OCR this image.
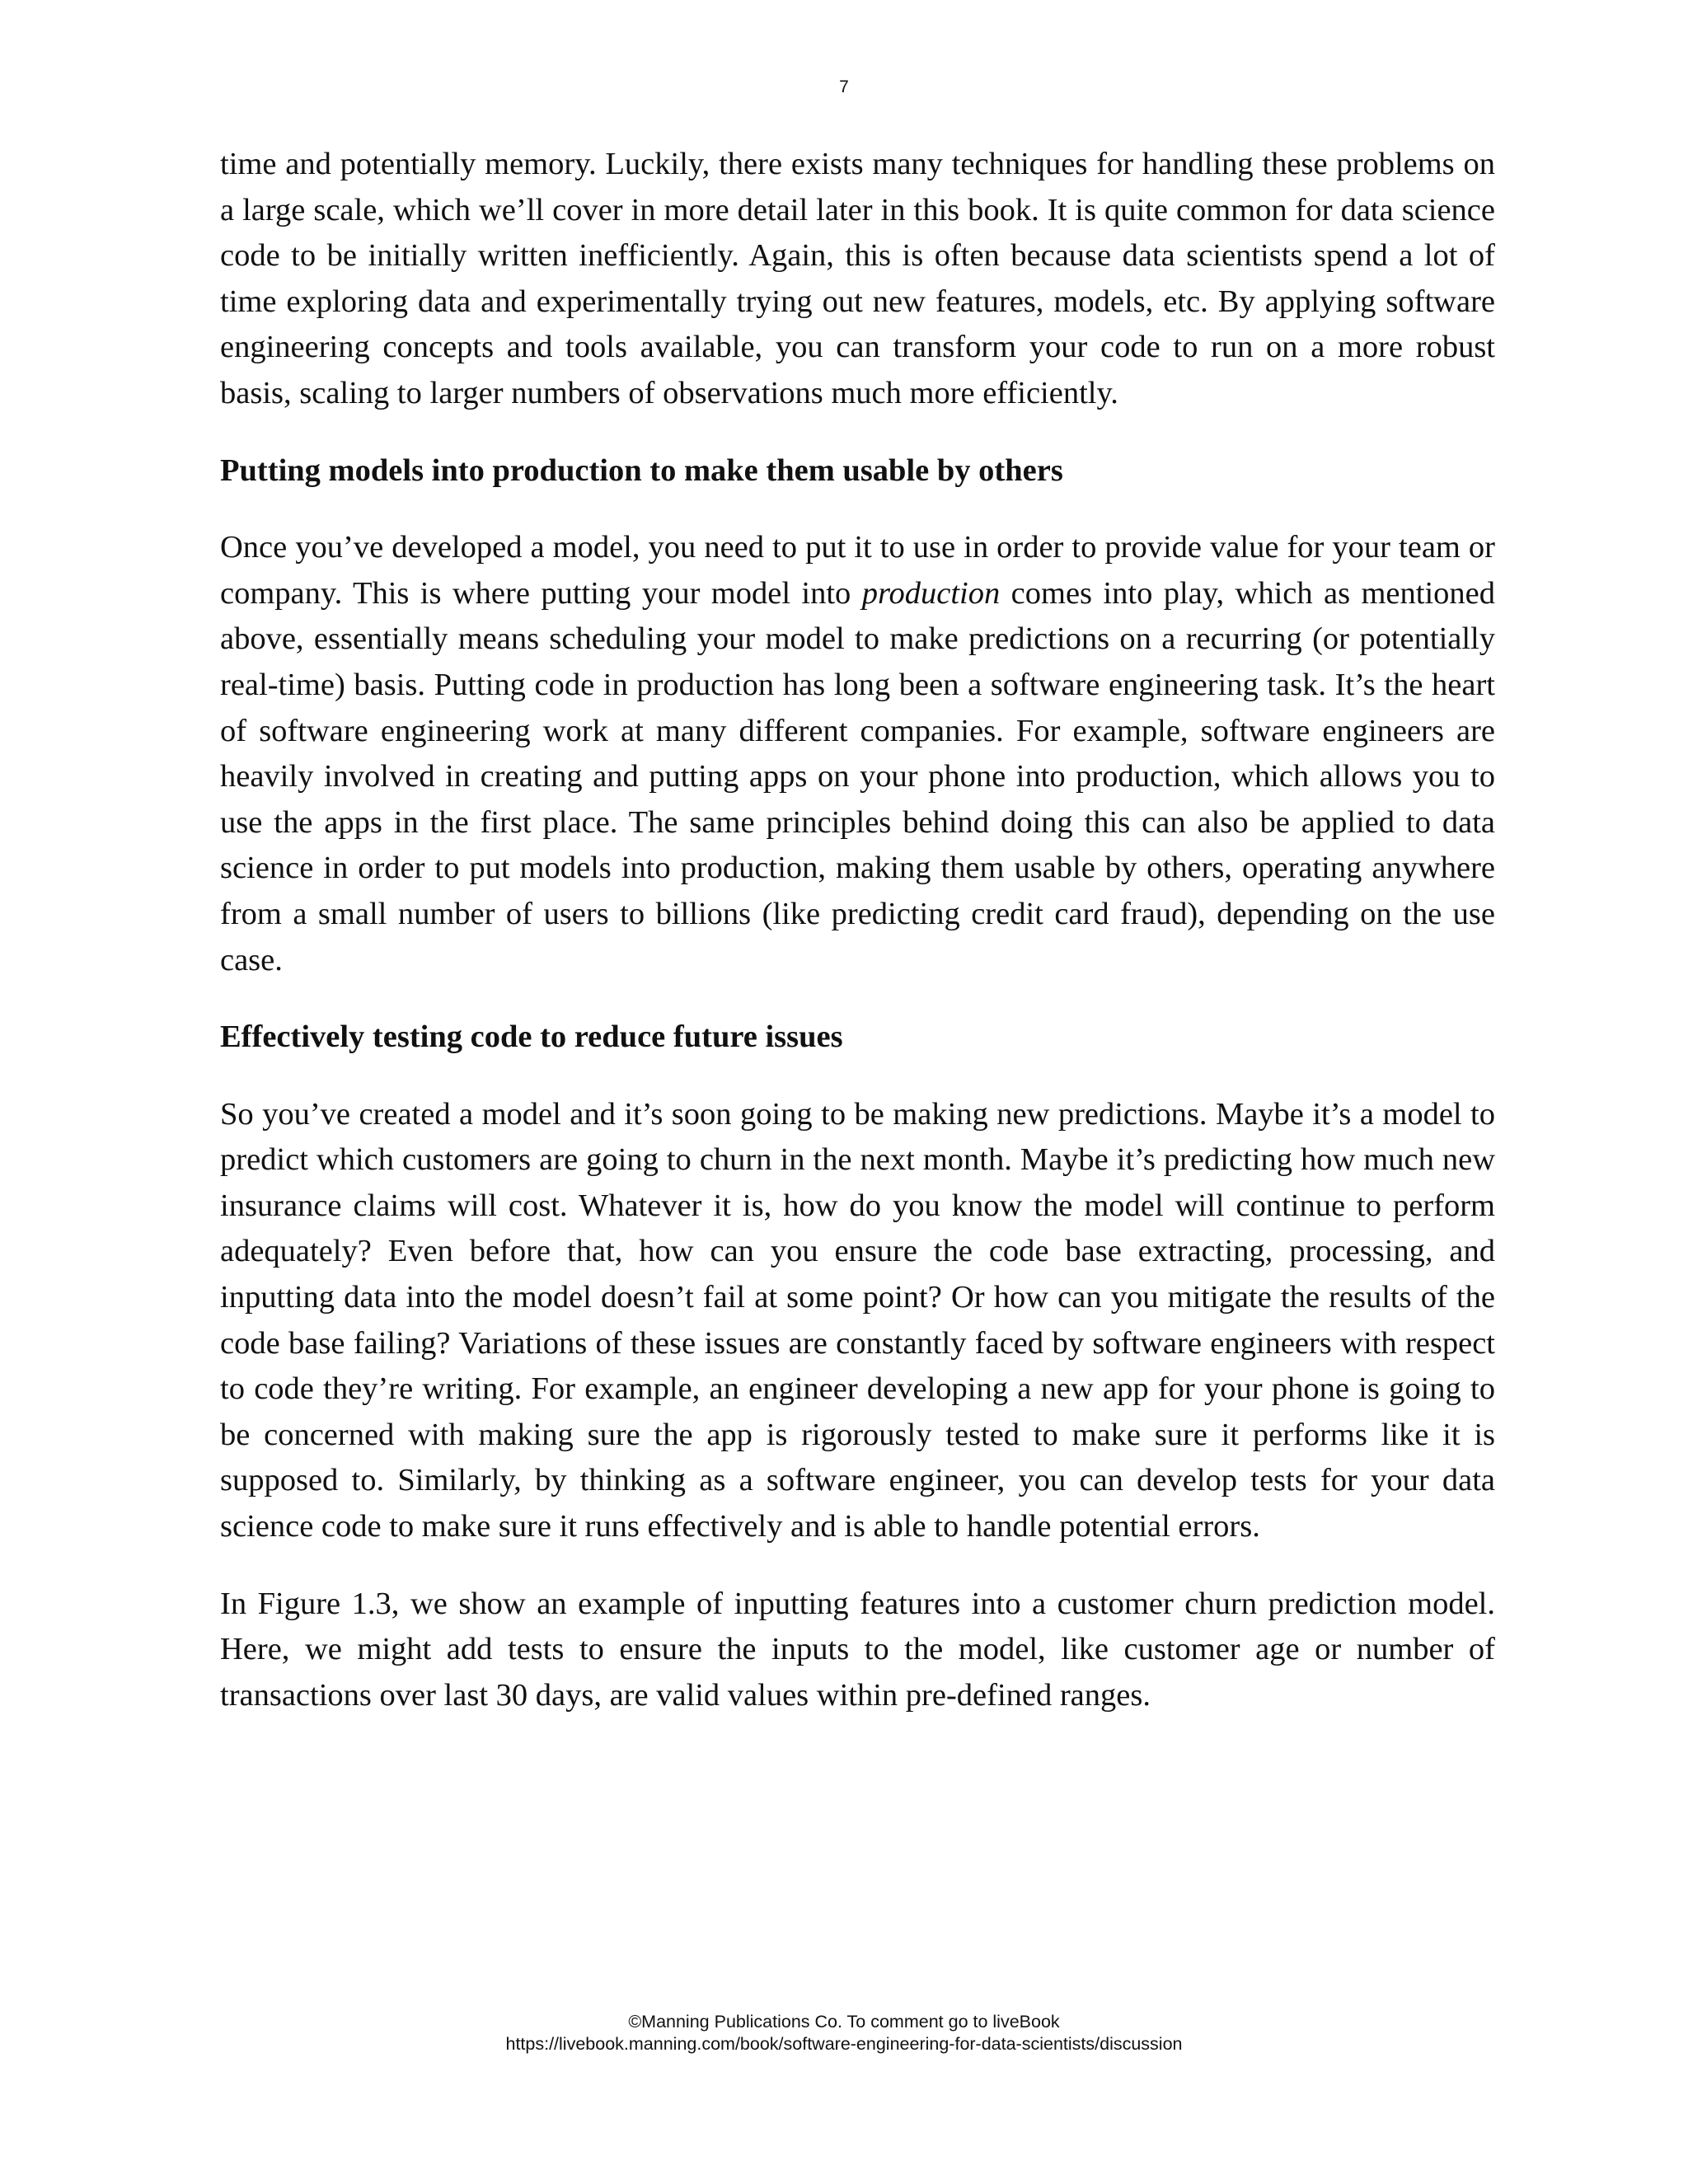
7

time and potentially memory. Luckily, there exists many techniques for handling these problems on a large scale, which we’ll cover in more detail later in this book. It is quite common for data science code to be initially written inefficiently. Again, this is often because data scientists spend a lot of time exploring data and experimentally trying out new features, models, etc. By applying software engineering concepts and tools available, you can transform your code to run on a more robust basis, scaling to larger numbers of observations much more efficiently.

Putting models into production to make them usable by others

Once you’ve developed a model, you need to put it to use in order to provide value for your team or company. This is where putting your model into production comes into play, which as mentioned above, essentially means scheduling your model to make predictions on a recurring (or potentially real-time) basis. Putting code in production has long been a software engineering task. It’s the heart of software engineering work at many different companies. For example, software engineers are heavily involved in creating and putting apps on your phone into production, which allows you to use the apps in the first place. The same principles behind doing this can also be applied to data science in order to put models into production, making them usable by others, operating anywhere from a small number of users to billions (like predicting credit card fraud), depending on the use case.

Effectively testing code to reduce future issues

So you’ve created a model and it’s soon going to be making new predictions. Maybe it’s a model to predict which customers are going to churn in the next month. Maybe it’s predicting how much new insurance claims will cost. Whatever it is, how do you know the model will continue to perform adequately? Even before that, how can you ensure the code base extracting, processing, and inputting data into the model doesn’t fail at some point? Or how can you mitigate the results of the code base failing? Variations of these issues are constantly faced by software engineers with respect to code they’re writing. For example, an engineer developing a new app for your phone is going to be concerned with making sure the app is rigorously tested to make sure it performs like it is supposed to. Similarly, by thinking as a software engineer, you can develop tests for your data science code to make sure it runs effectively and is able to handle potential errors.

In Figure 1.3, we show an example of inputting features into a customer churn prediction model. Here, we might add tests to ensure the inputs to the model, like customer age or number of transactions over last 30 days, are valid values within pre-defined ranges.

©Manning Publications Co. To comment go to liveBook
https://livebook.manning.com/book/software-engineering-for-data-scientists/discussion
